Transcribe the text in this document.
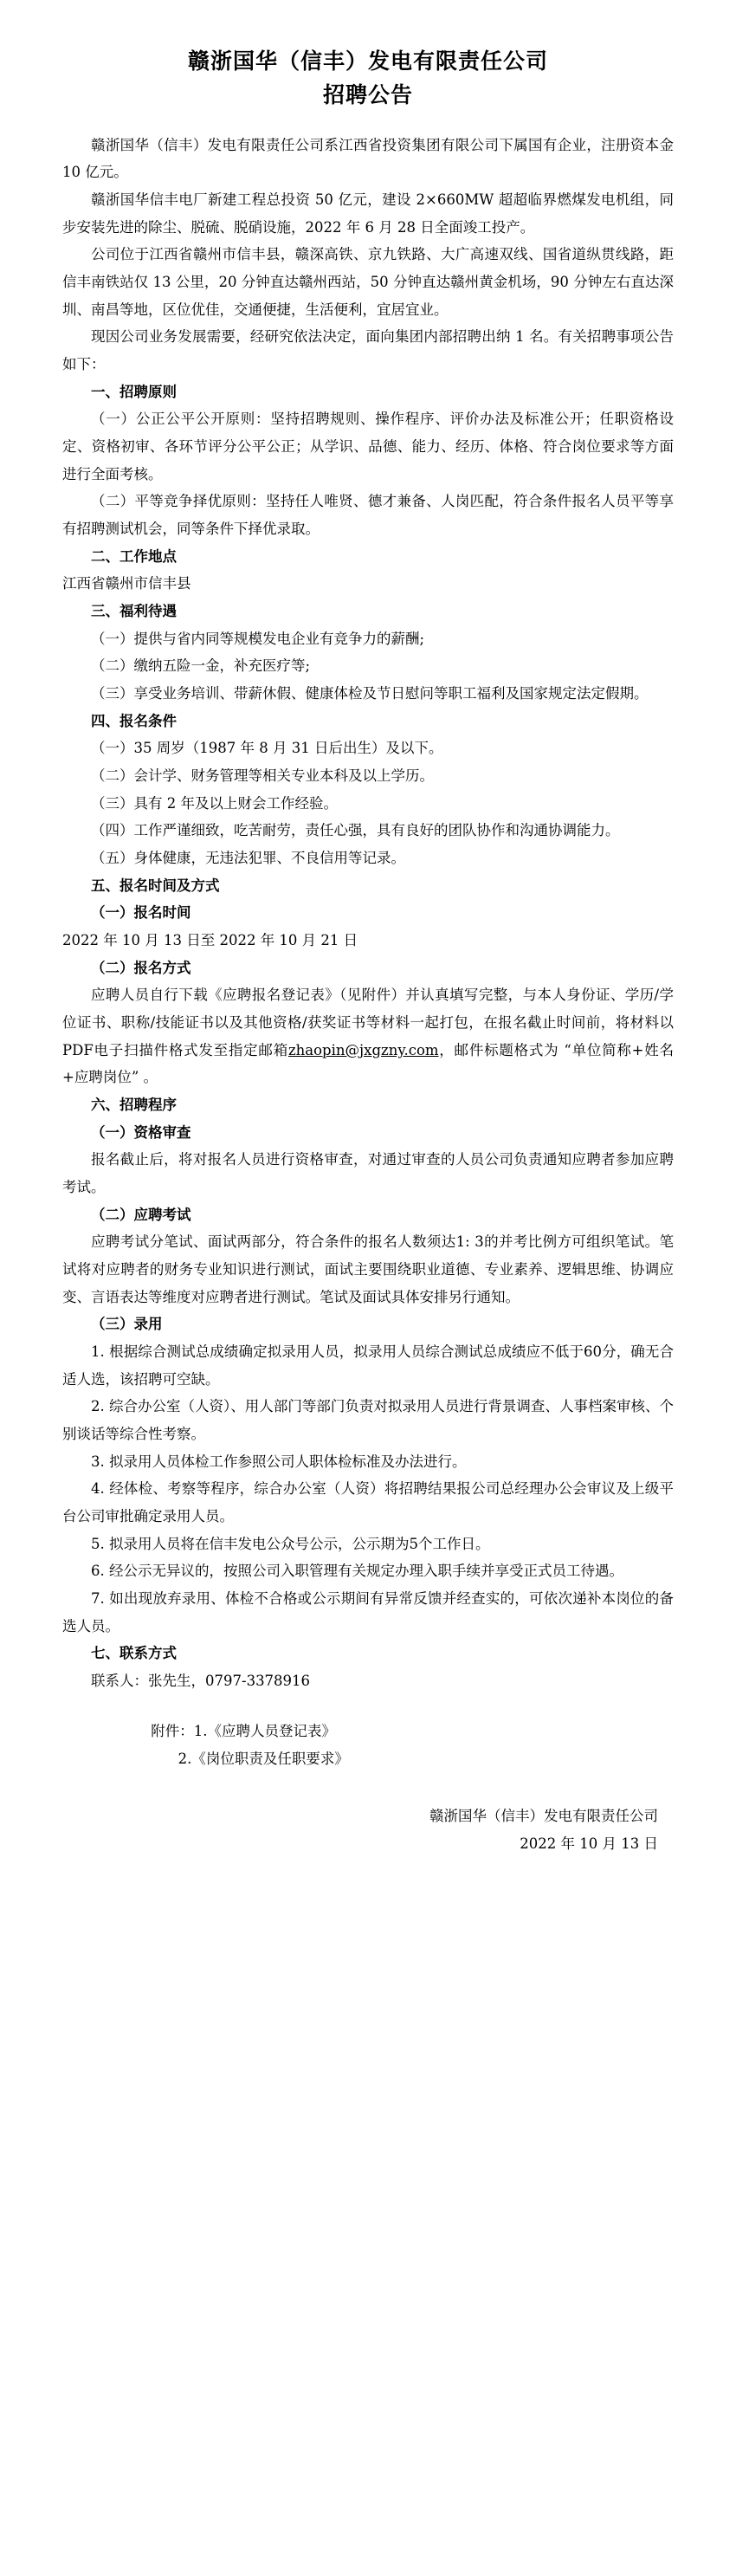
赣浙国华（信丰）发电有限责任公司
招聘公告

赣浙国华（信丰）发电有限责任公司系江西省投资集团有限公司下属国有企业，注册资本金 10 亿元。

赣浙国华信丰电厂新建工程总投资 50 亿元，建设 2×660MW 超超临界燃煤发电机组，同步安装先进的除尘、脱硫、脱硝设施，2022 年 6 月 28 日全面竣工投产。

公司位于江西省赣州市信丰县，赣深高铁、京九铁路、大广高速双线、国省道纵贯线路，距信丰南铁站仅 13 公里，20 分钟直达赣州西站，50 分钟直达赣州黄金机场，90 分钟左右直达深圳、南昌等地，区位优佳，交通便捷，生活便利，宜居宜业。

现因公司业务发展需要，经研究依法决定，面向集团内部招聘出纳 1 名。有关招聘事项公告如下：

一、招聘原则

（一）公正公平公开原则：坚持招聘规则、操作程序、评价办法及标准公开；任职资格设定、资格初审、各环节评分公平公正；从学识、品德、能力、经历、体格、符合岗位要求等方面进行全面考核。

（二）平等竞争择优原则：坚持任人唯贤、德才兼备、人岗匹配，符合条件报名人员平等享有招聘测试机会，同等条件下择优录取。

二、工作地点

江西省赣州市信丰县

三、福利待遇

（一）提供与省内同等规模发电企业有竞争力的薪酬;

（二）缴纳五险一金，补充医疗等;

（三）享受业务培训、带薪休假、健康体检及节日慰问等职工福利及国家规定法定假期。

四、报名条件

（一）35 周岁（1987 年 8 月 31 日后出生）及以下。

（二）会计学、财务管理等相关专业本科及以上学历。

（三）具有 2 年及以上财会工作经验。

（四）工作严谨细致，吃苦耐劳，责任心强，具有良好的团队协作和沟通协调能力。

（五）身体健康，无违法犯罪、不良信用等记录。

五、报名时间及方式

（一）报名时间

2022 年 10 月 13 日至 2022 年 10 月 21 日

（二）报名方式

应聘人员自行下载《应聘报名登记表》（见附件）并认真填写完整，与本人身份证、学历/学位证书、职称/技能证书以及其他资格/获奖证书等材料一起打包，在报名截止时间前，将材料以PDF电子扫描件格式发至指定邮箱zhaopin@jxgzny.com，邮件标题格式为 “单位简称+姓名+应聘岗位” 。

六、招聘程序

（一）资格审查

报名截止后，将对报名人员进行资格审查，对通过审查的人员公司负责通知应聘者参加应聘考试。

（二）应聘考试

应聘考试分笔试、面试两部分，符合条件的报名人数须达1: 3的并考比例方可组织笔试。笔试将对应聘者的财务专业知识进行测试，面试主要围绕职业道德、专业素养、逻辑思维、协调应变、言语表达等维度对应聘者进行测试。笔试及面试具体安排另行通知。

（三）录用

1. 根据综合测试总成绩确定拟录用人员，拟录用人员综合测试总成绩应不低于60分，确无合适人选，该招聘可空缺。

2. 综合办公室（人资）、用人部门等部门负责对拟录用人员进行背景调查、人事档案审核、个别谈话等综合性考察。

3. 拟录用人员体检工作参照公司人职体检标准及办法进行。

4. 经体检、考察等程序，综合办公室（人资）将招聘结果报公司总经理办公会审议及上级平台公司审批确定录用人员。

5. 拟录用人员将在信丰发电公众号公示，公示期为5个工作日。

6. 经公示无异议的，按照公司入职管理有关规定办理入职手续并享受正式员工待遇。

7. 如出现放弃录用、体检不合格或公示期间有异常反馈并经查实的，可依次递补本岗位的备选人员。

七、联系方式

联系人：张先生，0797-3378916

附件：1.《应聘人员登记表》

2.《岗位职责及任职要求》

赣浙国华（信丰）发电有限责任公司

2022 年 10 月 13 日
